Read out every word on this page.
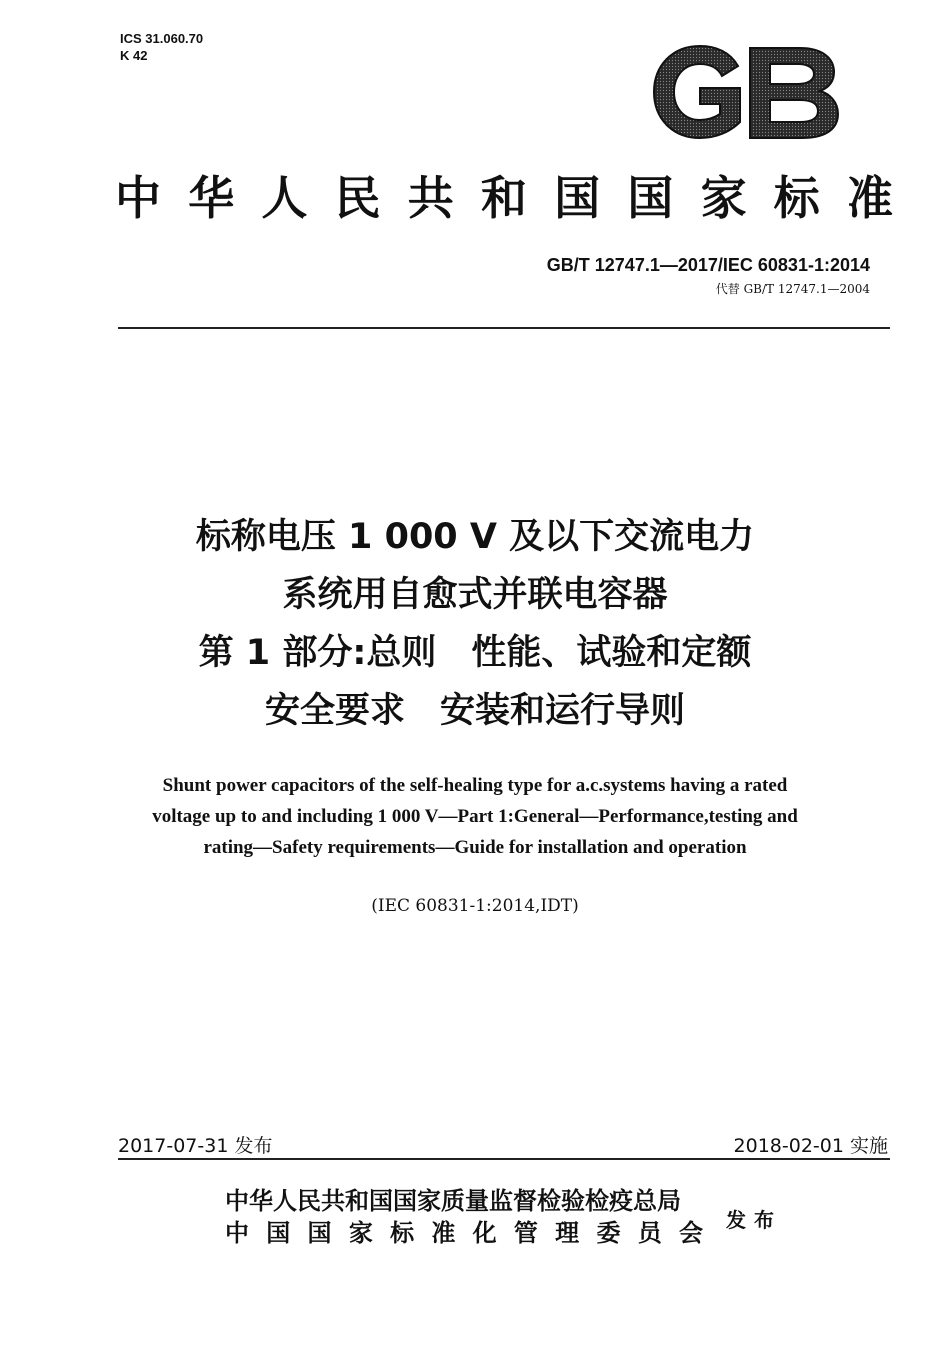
ICS 31.060.70
K 42
GB
中华人民共和国国家标准
GB/T 12747.1—2017/IEC 60831-1:2014
代替 GB/T 12747.1—2004
标称电压 1 000 V 及以下交流电力
系统用自愈式并联电容器
第 1 部分:总则　性能、试验和定额
安全要求　安装和运行导则
Shunt power capacitors of the self-healing type for a.c.systems having a rated
voltage up to and including 1 000 V—Part 1:General—Performance,testing and
rating—Safety requirements—Guide for installation and operation
(IEC 60831-1:2014,IDT)
2017-07-31 发布	2018-02-01 实施
中华人民共和国国家质量监督检验检疫总局
中国国家标准化管理委员会 发布
